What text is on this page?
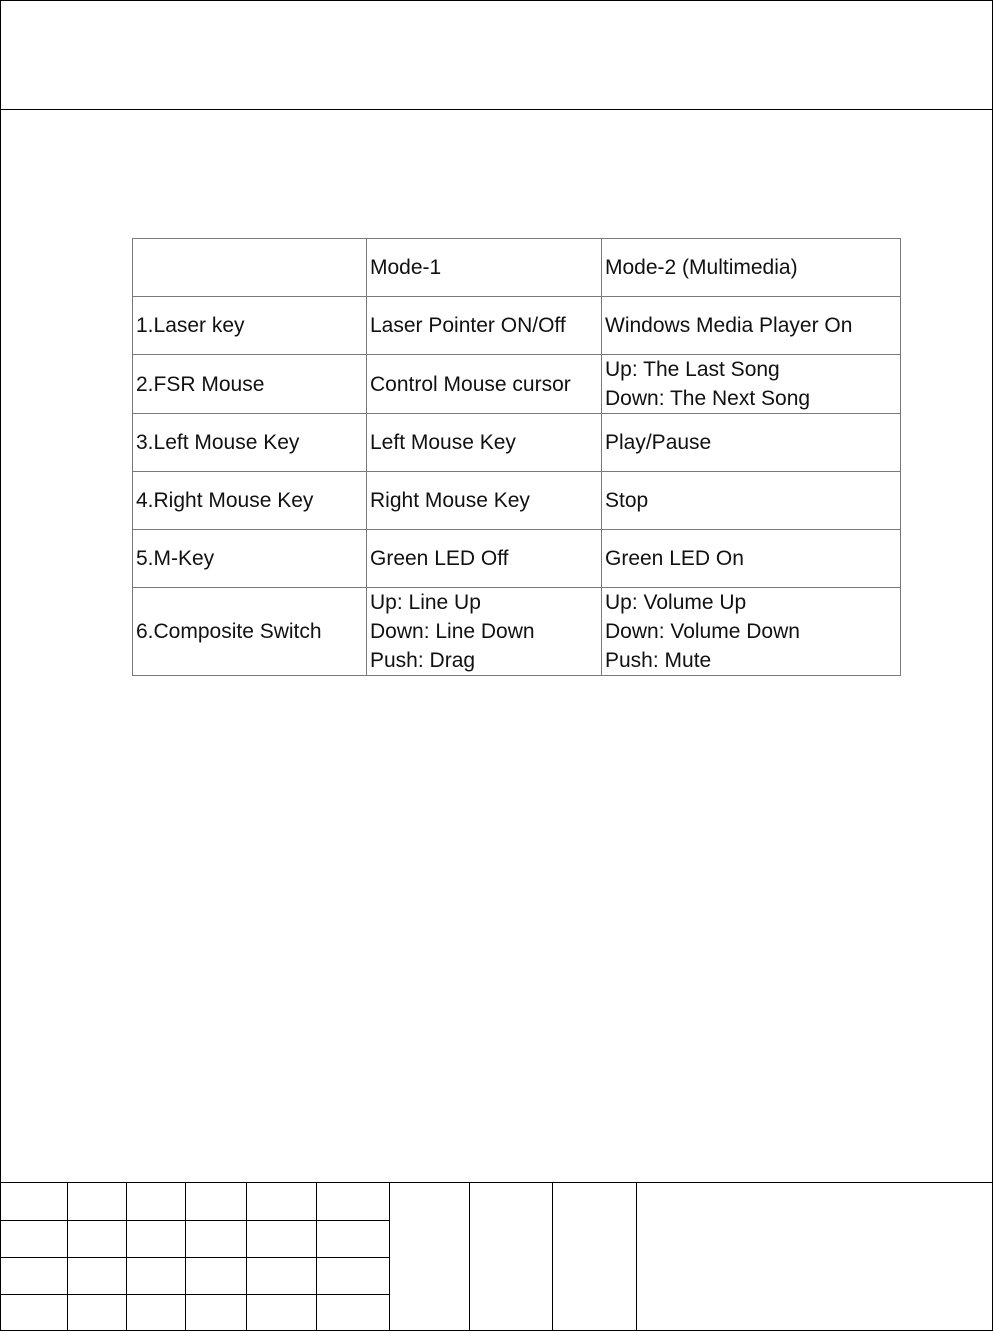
	Mode-1	Mode-2 (Multimedia)
1.Laser key	Laser Pointer ON/Off	Windows Media Player On

2.FSR Mouse	Control Mouse cursor	Up: The Last Song
Down: The Next Song

3.Left Mouse Key	Left Mouse Key	Play/Pause

4.Right Mouse Key	Right Mouse Key	Stop

5.M-Key	Green LED Off	Green LED On

6.Composite Switch	Up: Line Up
Down: Line Down
Push: Drag	Up: Volume Up
Down: Volume Down
Push: Mute
